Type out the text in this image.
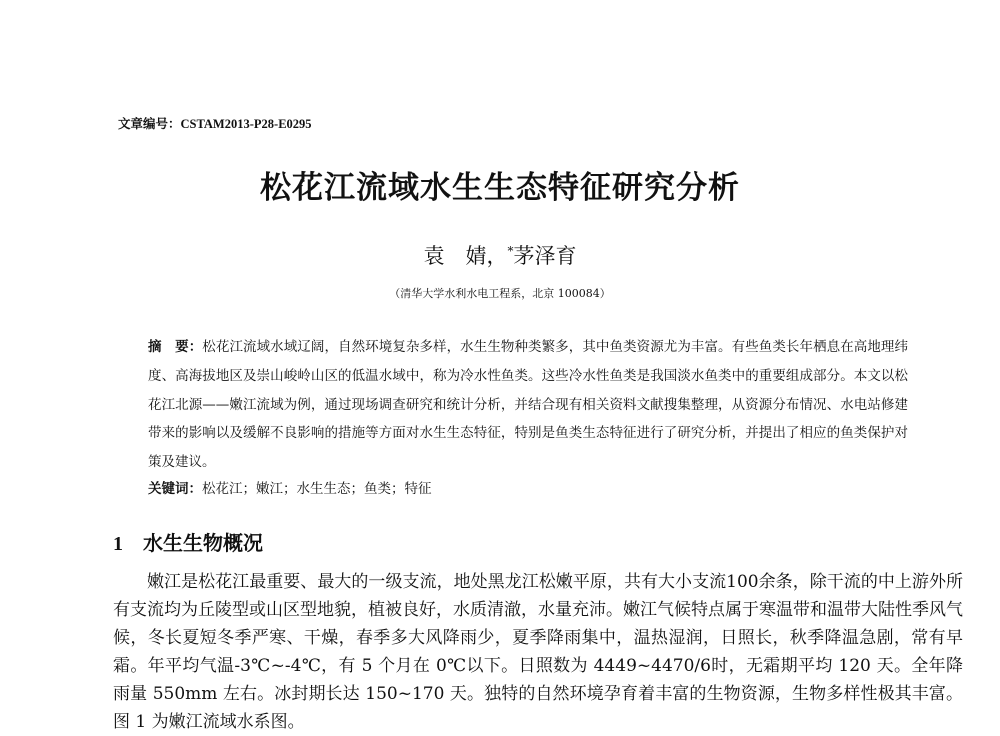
文章编号：CSTAM2013-P28-E0295
松花江流域水生生态特征研究分析
袁　婧，*茅泽育
（清华大学水利水电工程系，北京 100084）
摘　要：松花江流域水域辽阔，自然环境复杂多样，水生生物种类繁多，其中鱼类资源尤为丰富。有些鱼类长年栖息在高地理纬度、高海拔地区及崇山峻岭山区的低温水域中，称为冷水性鱼类。这些冷水性鱼类是我国淡水鱼类中的重要组成部分。本文以松花江北源——嫩江流域为例，通过现场调查研究和统计分析，并结合现有相关资料文献搜集整理，从资源分布情况、水电站修建带来的影响以及缓解不良影响的措施等方面对水生生态特征，特别是鱼类生态特征进行了研究分析，并提出了相应的鱼类保护对策及建议。
关键词：松花江；嫩江；水生生态；鱼类；特征
1 水生生物概况
嫩江是松花江最重要、最大的一级支流，地处黑龙江松嫩平原，共有大小支流100余条，除干流的中上游外所有支流均为丘陵型或山区型地貌，植被良好，水质清澈，水量充沛。嫩江气候特点属于寒温带和温带大陆性季风气候，冬长夏短冬季严寒、干燥，春季多大风降雨少，夏季降雨集中，温热湿润，日照长，秋季降温急剧，常有早霜。年平均气温-3℃~-4℃，有 5 个月在 0℃以下。日照数为 4449~4470/6时，无霜期平均 120 天。全年降雨量 550mm 左右。冰封期长达 150~170 天。独特的自然环境孕育着丰富的生物资源，生物多样性极其丰富。图 1 为嫩江流域水系图。
